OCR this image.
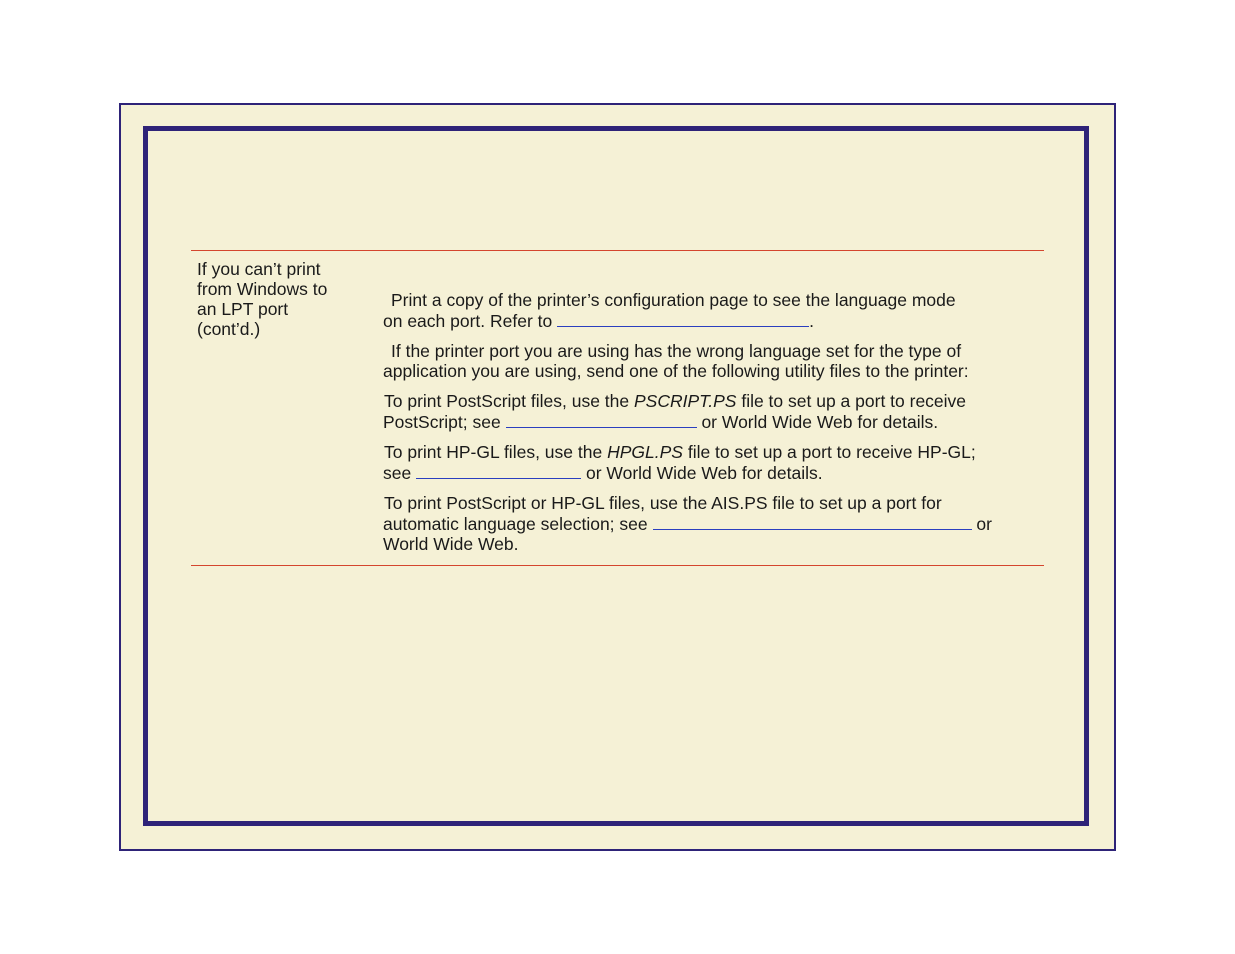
If you can’t print
from Windows to
an LPT port
(cont’d.)
Print a copy of the printer’s configuration page to see the language mode
on each port. Refer to	.
If the printer port you are using has the wrong language set for the type of
application you are using, send one of the following utility files to the printer:
To print PostScript files, use the PSCRIPT.PS file to set up a port to receive
PostScript; see	or World Wide Web for details.
To print HP-GL files, use the HPGL.PS file to set up a port to receive HP-GL;
see	or World Wide Web for details.
To print PostScript or HP-GL files, use the AIS.PS file to set up a port for
automatic language selection; see	or
World Wide Web.
